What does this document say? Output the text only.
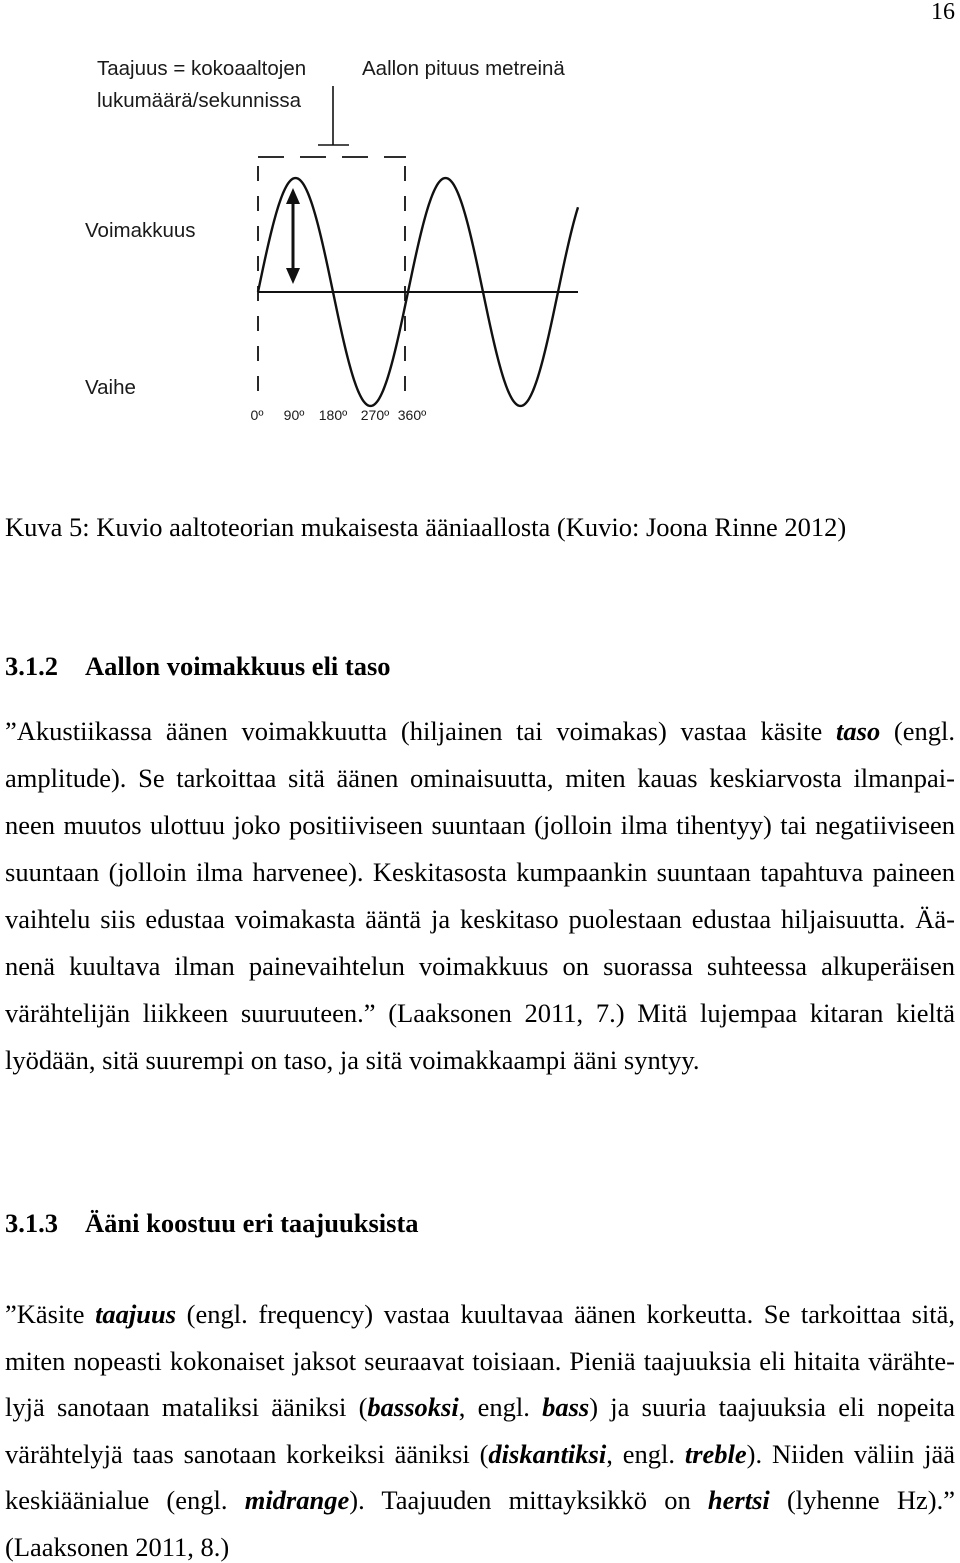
16
Taajuus = kokoaaltojen
lukumäärä/sekunnissa
Aallon pituus metreinä
Voimakkuus
Vaihe
0º 90º 180º 270º 360º
Kuva 5: Kuvio aaltoteorian mukaisesta ääniaallosta (Kuvio: Joona Rinne 2012)
3.1.2 Aallon voimakkuus eli taso
”Akustiikassa äänen voimakkuutta (hiljainen tai voimakas) vastaa käsite taso (engl.
amplitude). Se tarkoittaa sitä äänen ominaisuutta, miten kauas keskiarvosta ilmanpai-
neen muutos ulottuu joko positiiviseen suuntaan (jolloin ilma tihentyy) tai negatiiviseen
suuntaan (jolloin ilma harvenee). Keskitasosta kumpaankin suuntaan tapahtuva paineen
vaihtelu siis edustaa voimakasta ääntä ja keskitaso puolestaan edustaa hiljaisuutta. Ää-
nenä kuultava ilman painevaihtelun voimakkuus on suorassa suhteessa alkuperäisen
värähtelijän liikkeen suuruuteen.” (Laaksonen 2011, 7.) Mitä lujempaa kitaran kieltä
lyödään, sitä suurempi on taso, ja sitä voimakkaampi ääni syntyy.
3.1.3 Ääni koostuu eri taajuuksista
”Käsite taajuus (engl. frequency) vastaa kuultavaa äänen korkeutta. Se tarkoittaa sitä,
miten nopeasti kokonaiset jaksot seuraavat toisiaan. Pieniä taajuuksia eli hitaita värähte-
lyjä sanotaan mataliksi ääniksi (bassoksi, engl. bass) ja suuria taajuuksia eli nopeita
värähtelyjä taas sanotaan korkeiksi ääniksi (diskantiksi, engl. treble). Niiden väliin jää
keskiäänialue (engl. midrange). Taajuuden mittayksikkö on hertsi (lyhenne Hz).”
(Laaksonen 2011, 8.)
